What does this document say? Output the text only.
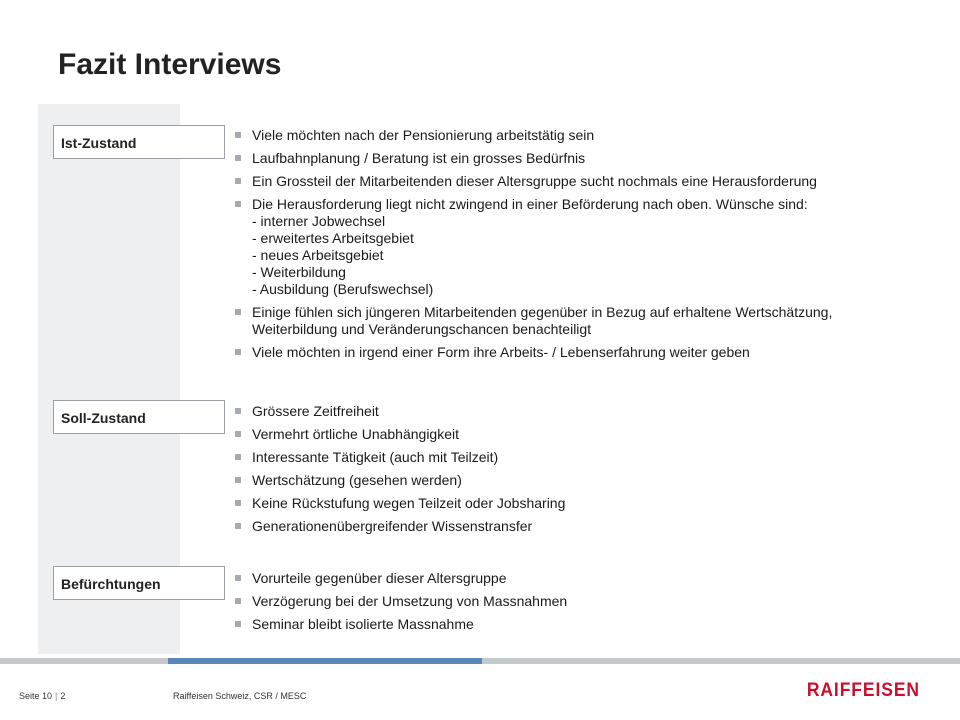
Fazit Interviews
Ist-Zustand	Viele möchten nach der Pensionierung arbeitstätig sein
Laufbahnplanung / Beratung ist ein grosses Bedürfnis
Ein Grossteil der Mitarbeitenden dieser Altersgruppe sucht nochmals eine Herausforderung
Die Herausforderung liegt nicht zwingend in einer Beförderung nach oben. Wünsche sind:
- interner Jobwechsel
- erweitertes Arbeitsgebiet
- neues Arbeitsgebiet
- Weiterbildung
- Ausbildung (Berufswechsel)
Einige fühlen sich jüngeren Mitarbeitenden gegenüber in Bezug auf erhaltene Wertschätzung,
Weiterbildung und Veränderungschancen benachteiligt
Viele möchten in irgend einer Form ihre Arbeits- / Lebenserfahrung weiter geben
Soll-Zustand	Grössere Zeitfreiheit
Vermehrt örtliche Unabhängigkeit
Interessante Tätigkeit (auch mit Teilzeit)
Wertschätzung (gesehen werden)
Keine Rückstufung wegen Teilzeit oder Jobsharing
Generationenübergreifender Wissenstransfer
Befürchtungen	Vorurteile gegenüber dieser Altersgruppe
Verzögerung bei der Umsetzung von Massnahmen
Seminar bleibt isolierte Massnahme
Seite 10 | 2	Raiffeisen Schweiz, CSR / MESC	RAIFFEISEN
